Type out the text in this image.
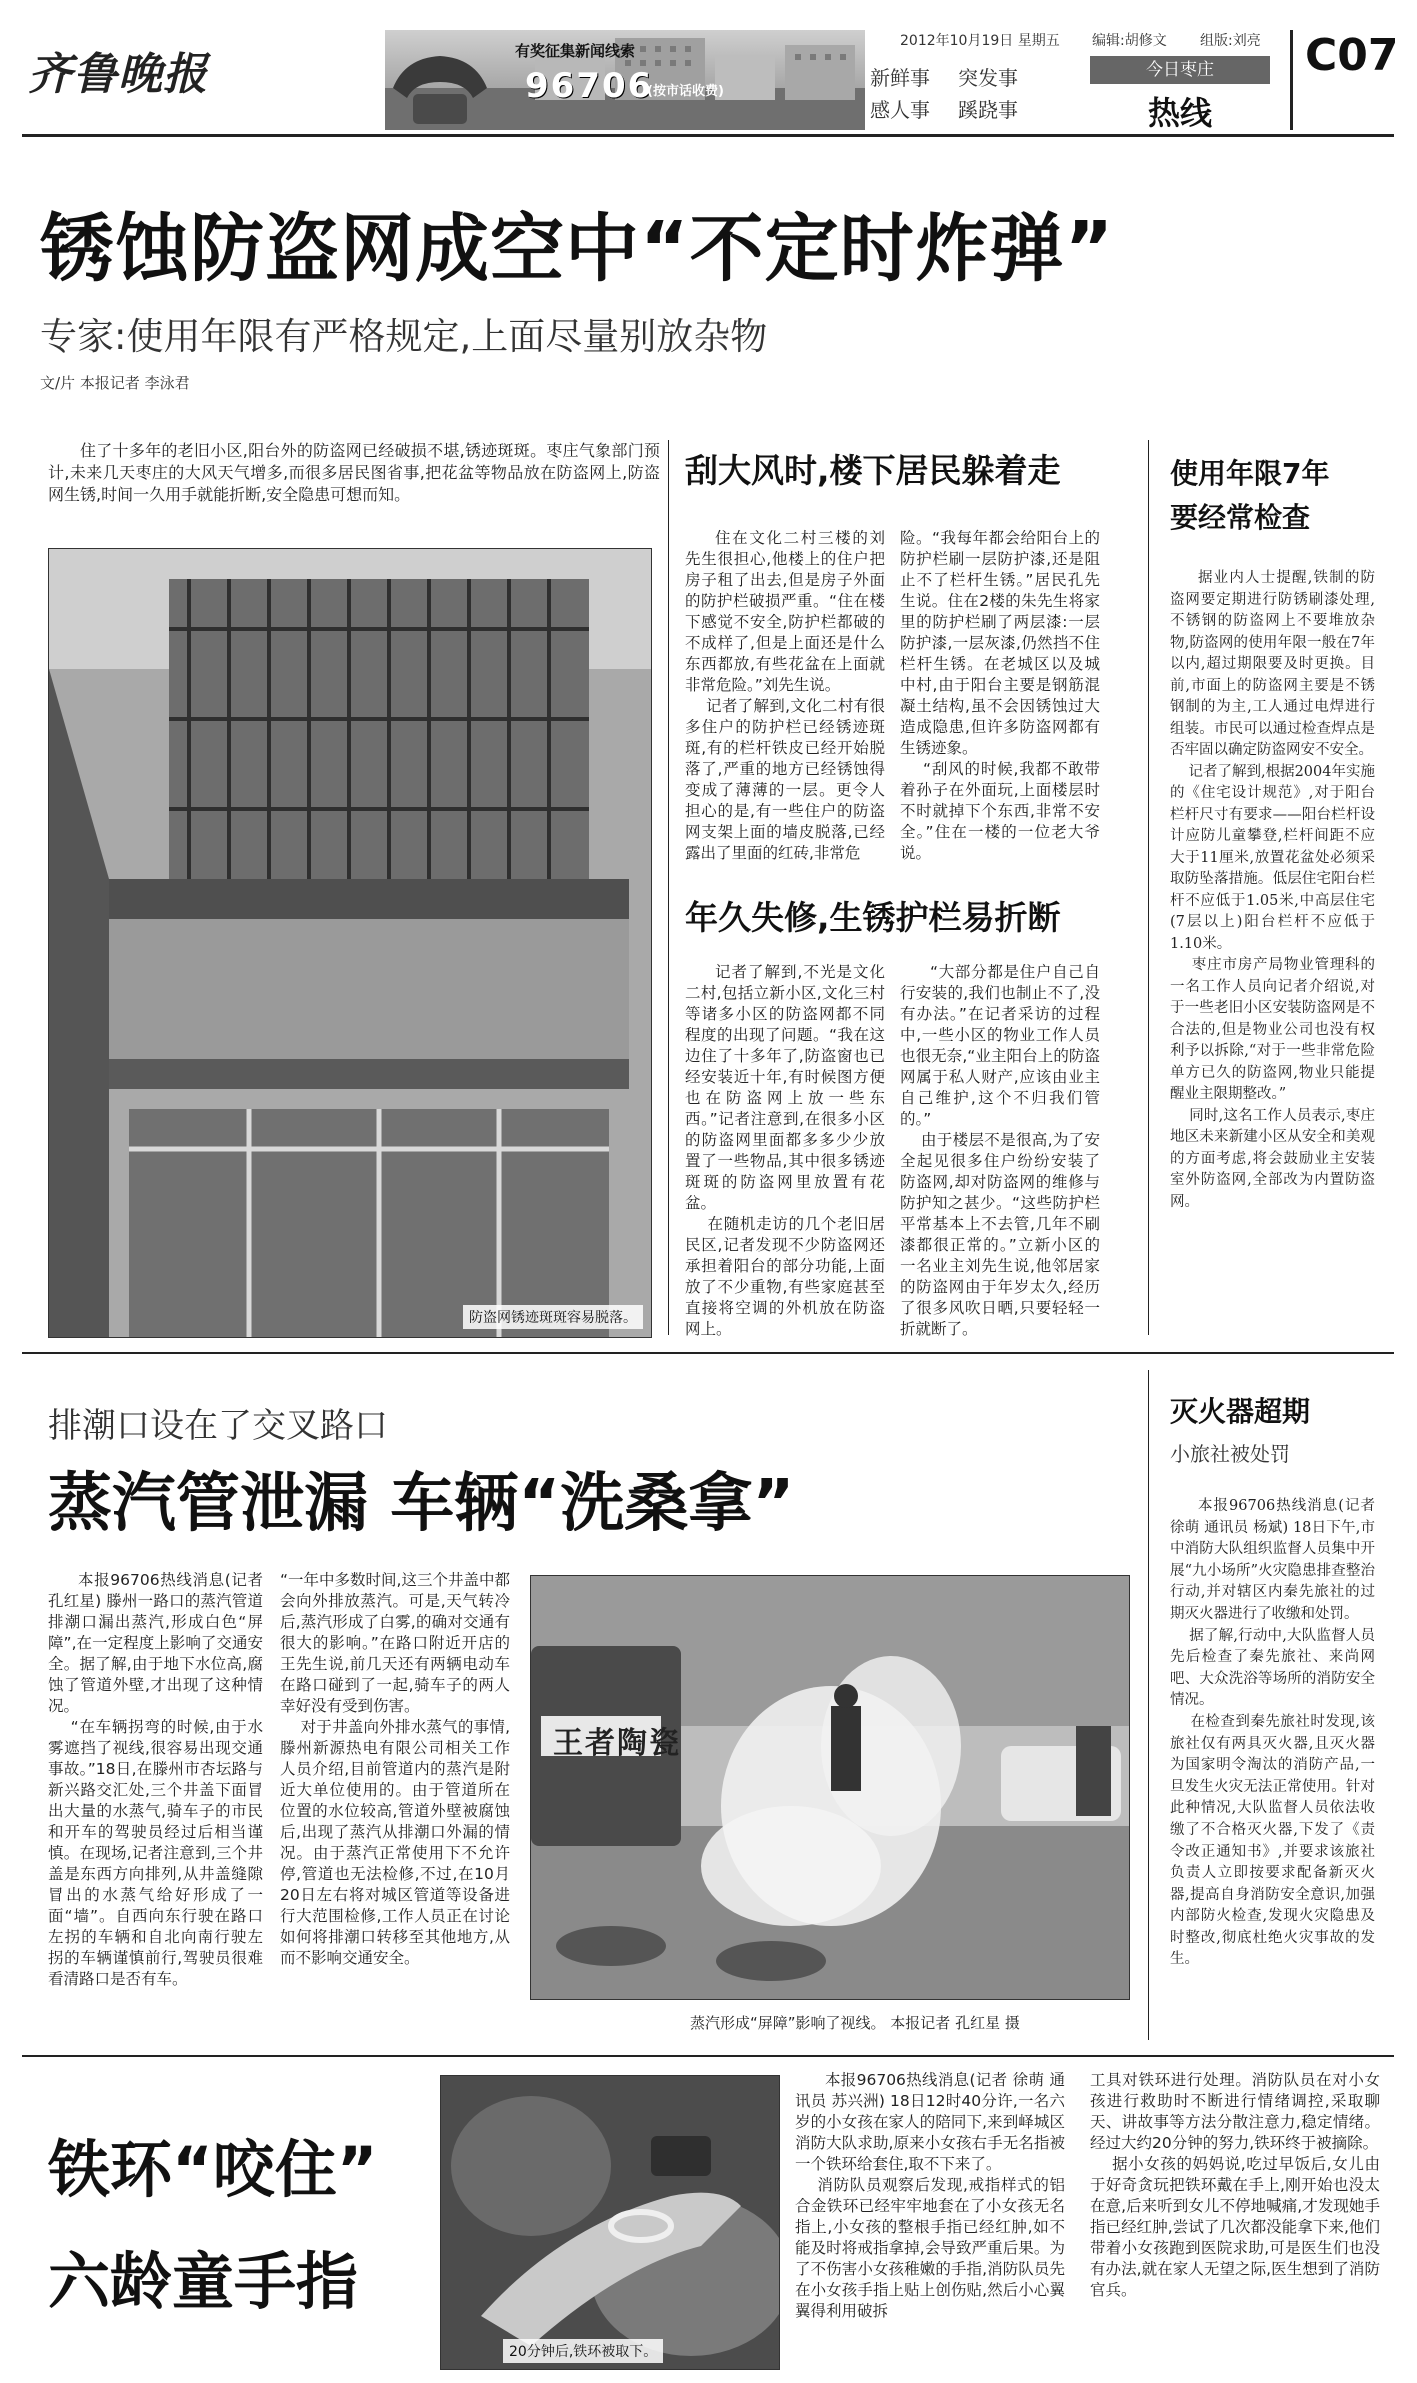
齐鲁晚报	有奖征集新闻线索
96706
(按市话收费)
新鲜事 突发事
感人事 蹊跷事
2012年10月19日 星期五 编辑:胡修文 组版:刘亮
今日枣庄
热线
C07
锈蚀防盗网成空中“不定时炸弹”
专家:使用年限有严格规定,上面尽量别放杂物
文/片 本报记者 李泳君
住了十多年的老旧小区,阳台外的防盗网已经破损不堪,锈迹斑斑。枣庄气象部门预计,未来几天枣庄的大风天气增多,而很多居民图省事,把花盆等物品放在防盗网上,防盗网生锈,时间一久用手就能折断,安全隐患可想而知。
防盗网锈迹斑斑容易脱落。
刮大风时,楼下居民躲着走
住在文化二村三楼的刘先生很担心,他楼上的住户把房子租了出去,但是房子外面的防护栏破损严重。“住在楼下感觉不安全,防护栏都破的不成样了,但是上面还是什么东西都放,有些花盆在上面就非常危险。”刘先生说。
记者了解到,文化二村有很多住户的防护栏已经锈迹斑斑,有的栏杆铁皮已经开始脱落了,严重的地方已经锈蚀得变成了薄薄的一层。更令人担心的是,有一些住户的防盗网支架上面的墙皮脱落,已经露出了里面的红砖,非常危
险。“我每年都会给阳台上的防护栏刷一层防护漆,还是阻止不了栏杆生锈。”居民孔先生说。住在2楼的朱先生将家里的防护栏刷了两层漆:一层防护漆,一层灰漆,仍然挡不住栏杆生锈。在老城区以及城中村,由于阳台主要是钢筋混凝土结构,虽不会因锈蚀过大造成隐患,但许多防盗网都有生锈迹象。
“刮风的时候,我都不敢带着孙子在外面玩,上面楼层时不时就掉下个东西,非常不安全。”住在一楼的一位老大爷说。
年久失修,生锈护栏易折断
记者了解到,不光是文化二村,包括立新小区,文化三村等诸多小区的防盗网都不同程度的出现了问题。“我在这边住了十多年了,防盗窗也已经安装近十年,有时候图方便也在防盗网上放一些东西。”记者注意到,在很多小区的防盗网里面都多多少少放置了一些物品,其中很多锈迹斑斑的防盗网里放置有花盆。
在随机走访的几个老旧居民区,记者发现不少防盗网还承担着阳台的部分功能,上面放了不少重物,有些家庭甚至直接将空调的外机放在防盗网上。
“大部分都是住户自己自行安装的,我们也制止不了,没有办法。”在记者采访的过程中,一些小区的物业工作人员也很无奈,“业主阳台上的防盗网属于私人财产,应该由业主自己维护,这个不归我们管的。”
由于楼层不是很高,为了安全起见很多住户纷纷安装了防盗网,却对防盗网的维修与防护知之甚少。“这些防护栏平常基本上不去管,几年不刷漆都很正常的。”立新小区的一名业主刘先生说,他邻居家的防盗网由于年岁太久,经历了很多风吹日晒,只要轻轻一折就断了。
使用年限7年
要经常检查
据业内人士提醒,铁制的防盗网要定期进行防锈刷漆处理,不锈钢的防盗网上不要堆放杂物,防盗网的使用年限一般在7年以内,超过期限要及时更换。目前,市面上的防盗网主要是不锈钢制的为主,工人通过电焊进行组装。市民可以通过检查焊点是否牢固以确定防盗网安不安全。
记者了解到,根据2004年实施的《住宅设计规范》,对于阳台栏杆尺寸有要求——阳台栏杆设计应防儿童攀登,栏杆间距不应大于11厘米,放置花盆处必须采取防坠落措施。低层住宅阳台栏杆不应低于1.05米,中高层住宅(7层以上)阳台栏杆不应低于1.10米。
枣庄市房产局物业管理科的一名工作人员向记者介绍说,对于一些老旧小区安装防盗网是不合法的,但是物业公司也没有权利予以拆除,“对于一些非常危险单方已久的防盗网,物业只能提醒业主限期整改。”
同时,这名工作人员表示,枣庄地区未来新建小区从安全和美观的方面考虑,将会鼓励业主安装室外防盗网,全部改为内置防盗网。
排潮口设在了交叉路口
蒸汽管泄漏 车辆“洗桑拿”
本报96706热线消息(记者 孔红星) 滕州一路口的蒸汽管道排潮口漏出蒸汽,形成白色“屏障”,在一定程度上影响了交通安全。据了解,由于地下水位高,腐蚀了管道外壁,才出现了这种情况。
“在车辆拐弯的时候,由于水雾遮挡了视线,很容易出现交通事故。”18日,在滕州市杏坛路与新兴路交汇处,三个井盖下面冒出大量的水蒸气,骑车子的市民和开车的驾驶员经过后相当谨慎。在现场,记者注意到,三个井盖是东西方向排列,从井盖缝隙冒出的水蒸气给好形成了一面“墙”。自西向东行驶在路口左拐的车辆和自北向南行驶左拐的车辆谨慎前行,驾驶员很难看清路口是否有车。
“一年中多数时间,这三个井盖中都会向外排放蒸汽。可是,天气转冷后,蒸汽形成了白雾,的确对交通有很大的影响。”在路口附近开店的王先生说,前几天还有两辆电动车在路口碰到了一起,骑车子的两人幸好没有受到伤害。
对于井盖向外排水蒸气的事情,滕州新源热电有限公司相关工作人员介绍,目前管道内的蒸汽是附近大单位使用的。由于管道所在位置的水位较高,管道外壁被腐蚀后,出现了蒸汽从排潮口外漏的情况。由于蒸汽正常使用下不允许停,管道也无法检修,不过,在10月20日左右将对城区管道等设备进行大范围检修,工作人员正在讨论如何将排潮口转移至其他地方,从而不影响交通安全。
王者陶瓷
蒸汽形成“屏障”影响了视线。 本报记者 孔红星 摄
灭火器超期
小旅社被处罚
本报96706热线消息(记者 徐萌 通讯员 杨斌) 18日下午,市中消防大队组织监督人员集中开展“九小场所”火灾隐患排查整治行动,并对辖区内秦先旅社的过期灭火器进行了收缴和处罚。
据了解,行动中,大队监督人员先后检查了秦先旅社、来尚网吧、大众洗浴等场所的消防安全情况。
在检查到秦先旅社时发现,该旅社仅有两具灭火器,且灭火器为国家明令淘汰的消防产品,一旦发生火灾无法正常使用。针对此种情况,大队监督人员依法收缴了不合格灭火器,下发了《责令改正通知书》,并要求该旅社负责人立即按要求配备新灭火器,提高自身消防安全意识,加强内部防火检查,发现火灾隐患及时整改,彻底杜绝火灾事故的发生。
铁环“咬住”
六龄童手指
20分钟后,铁环被取下。
本报96706热线消息(记者 徐萌 通讯员 苏兴洲) 18日12时40分许,一名六岁的小女孩在家人的陪同下,来到峄城区消防大队求助,原来小女孩右手无名指被一个铁环给套住,取不下来了。
消防队员观察后发现,戒指样式的铝合金铁环已经牢牢地套在了小女孩无名指上,小女孩的整根手指已经红肿,如不能及时将戒指拿掉,会导致严重后果。为了不伤害小女孩稚嫩的手指,消防队员先在小女孩手指上贴上创伤贴,然后小心翼翼得利用破拆
工具对铁环进行处理。消防队员在对小女孩进行救助时不断进行情绪调控,采取聊天、讲故事等方法分散注意力,稳定情绪。经过大约20分钟的努力,铁环终于被摘除。
据小女孩的妈妈说,吃过早饭后,女儿由于好奇贪玩把铁环戴在手上,刚开始也没太在意,后来听到女儿不停地喊痛,才发现她手指已经红肿,尝试了几次都没能拿下来,他们带着小女孩跑到医院求助,可是医生们也没有办法,就在家人无望之际,医生想到了消防官兵。
